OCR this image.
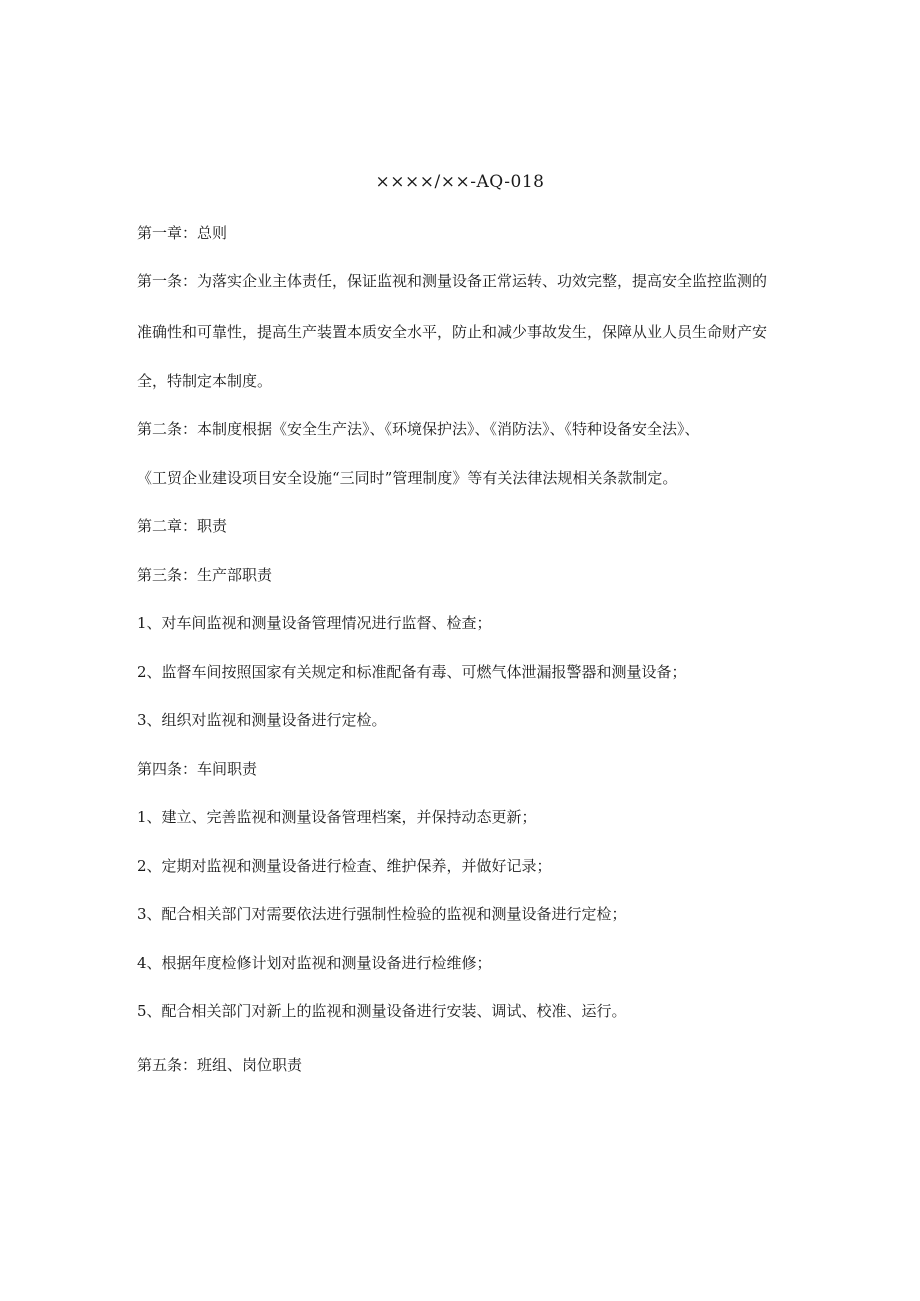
××××/××-AQ-018
第一章：总则
第一条：为落实企业主体责任，保证监视和测量设备正常运转、功效完整，提高安全监控监测的
准确性和可靠性，提高生产装置本质安全水平，防止和减少事故发生，保障从业人员生命财产安
全，特制定本制度。
第二条：本制度根据《安全生产法》、《环境保护法》、《消防法》、《特种设备安全法》、
《工贸企业建设项目安全设施“三同时”管理制度》等有关法律法规相关条款制定。
第二章：职责
第三条：生产部职责
1、对车间监视和测量设备管理情况进行监督、检查；
2、监督车间按照国家有关规定和标准配备有毒、可燃气体泄漏报警器和测量设备；
3、组织对监视和测量设备进行定检。
第四条：车间职责
1、建立、完善监视和测量设备管理档案，并保持动态更新；
2、定期对监视和测量设备进行检查、维护保养，并做好记录；
3、配合相关部门对需要依法进行强制性检验的监视和测量设备进行定检；
4、根据年度检修计划对监视和测量设备进行检维修；
5、配合相关部门对新上的监视和测量设备进行安装、调试、校准、运行。
第五条：班组、岗位职责
